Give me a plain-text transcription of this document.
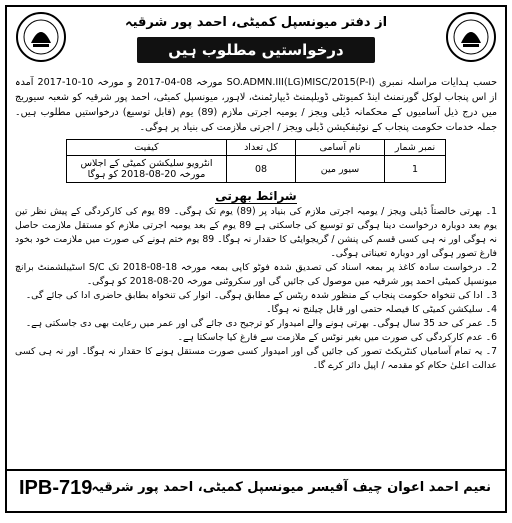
از دفتر میونسپل کمیٹی، احمد پور شرقیہ
درخواستیں مطلوب ہیں
حسب ہدایات مراسلہ نمبری SO.ADMN.III(LG)MISC/2015(P-I) مورخہ 08-04-2017 و مورخہ 10-10-2017 آمدہ از اس پنجاب لوکل گورنمنٹ اینڈ کمیونٹی ڈویلپمنٹ ڈیپارٹمنٹ، لاہور، میونسپل کمیٹی، احمد پور شرقیہ کو شعبہ سیوریج میں درج ذیل آسامیوں کے محکمانہ ڈیلی ویجز / یومیہ اجرتی ملازم (89) یوم (قابل توسیع) درخواستیں مطلوب ہیں۔ جملہ خدمات حکومت پنجاب کے نوٹیفکیشن ڈیلی ویجز / اجرتی ملازمت کی بنیاد پر ہوگی۔
نمبر شمار	نام آسامی	کل تعداد	کیفیت
1	سیور مین	08	انٹرویو سلیکشن کمیٹی کے اجلاس مورخہ 20-08-2018 کو ہوگا
شرائط بھرتی
1۔ بھرتی خالصتاً ڈیلی ویجز / یومیہ اجرتی ملازم کی بنیاد پر (89) یوم تک ہوگی۔ 89 یوم کی کارکردگی کے پیش نظر تین یوم بعد دوبارہ درخواست دینا ہوگی تو توسیع کی جاسکتی ہے 89 یوم کے بعد یومیہ اجرتی ملازم کو مستقل ملازمت حاصل نہ ہوگی اور نہ ہی کسی قسم کی پنشن / گریجوایٹی کا حقدار نہ ہوگا۔ 89 یوم ختم ہونے کی صورت میں ملازمت خود بخود فارغ تصور ہوگی اور دوبارہ تعیناتی ہوگی۔
2۔ درخواست سادہ کاغذ پر بمعہ اسناد کی تصدیق شدہ فوٹو کاپی بمعہ مورخہ 18-08-2018 تک S/C اسٹیبلشمنٹ برانچ میونسپل کمیٹی احمد پور شرقیہ میں موصول کی جائیں گی اور سکروٹنی مورخہ 20-08-2018 کو ہوگی۔
3۔ ادا کی تنخواہ حکومت پنجاب کے منظور شدہ ریٹس کے مطابق ہوگی۔ اتوار کی تنخواہ بطابق حاضری ادا کی جائے گی۔
4۔ سلیکشن کمیٹی کا فیصلہ حتمی اور قابل چیلنج نہ ہوگا۔
5۔ عمر کی حد 35 سال ہوگی۔ بھرتی ہونے والے امیدوار کو ترجیح دی جائے گی اور عمر میں رعایت بھی دی جاسکتی ہے۔
6۔ عدم کارکردگی کی صورت میں بغیر نوٹس کے ملازمت سے فارغ کیا جاسکتا ہے۔
7۔ یہ تمام آسامیاں کنٹریکٹ تصور کی جائیں گی اور امیدوار کسی صورت مستقل ہونے کا حقدار نہ ہوگا۔ اور نہ ہی کسی عدالت اعلیٰ حکام کو مقدمہ / اپیل دائر کرے گا۔
IPB-719
نعیم احمد اعوان چیف آفیسر میونسپل کمیٹی، احمد پور شرقیہ
